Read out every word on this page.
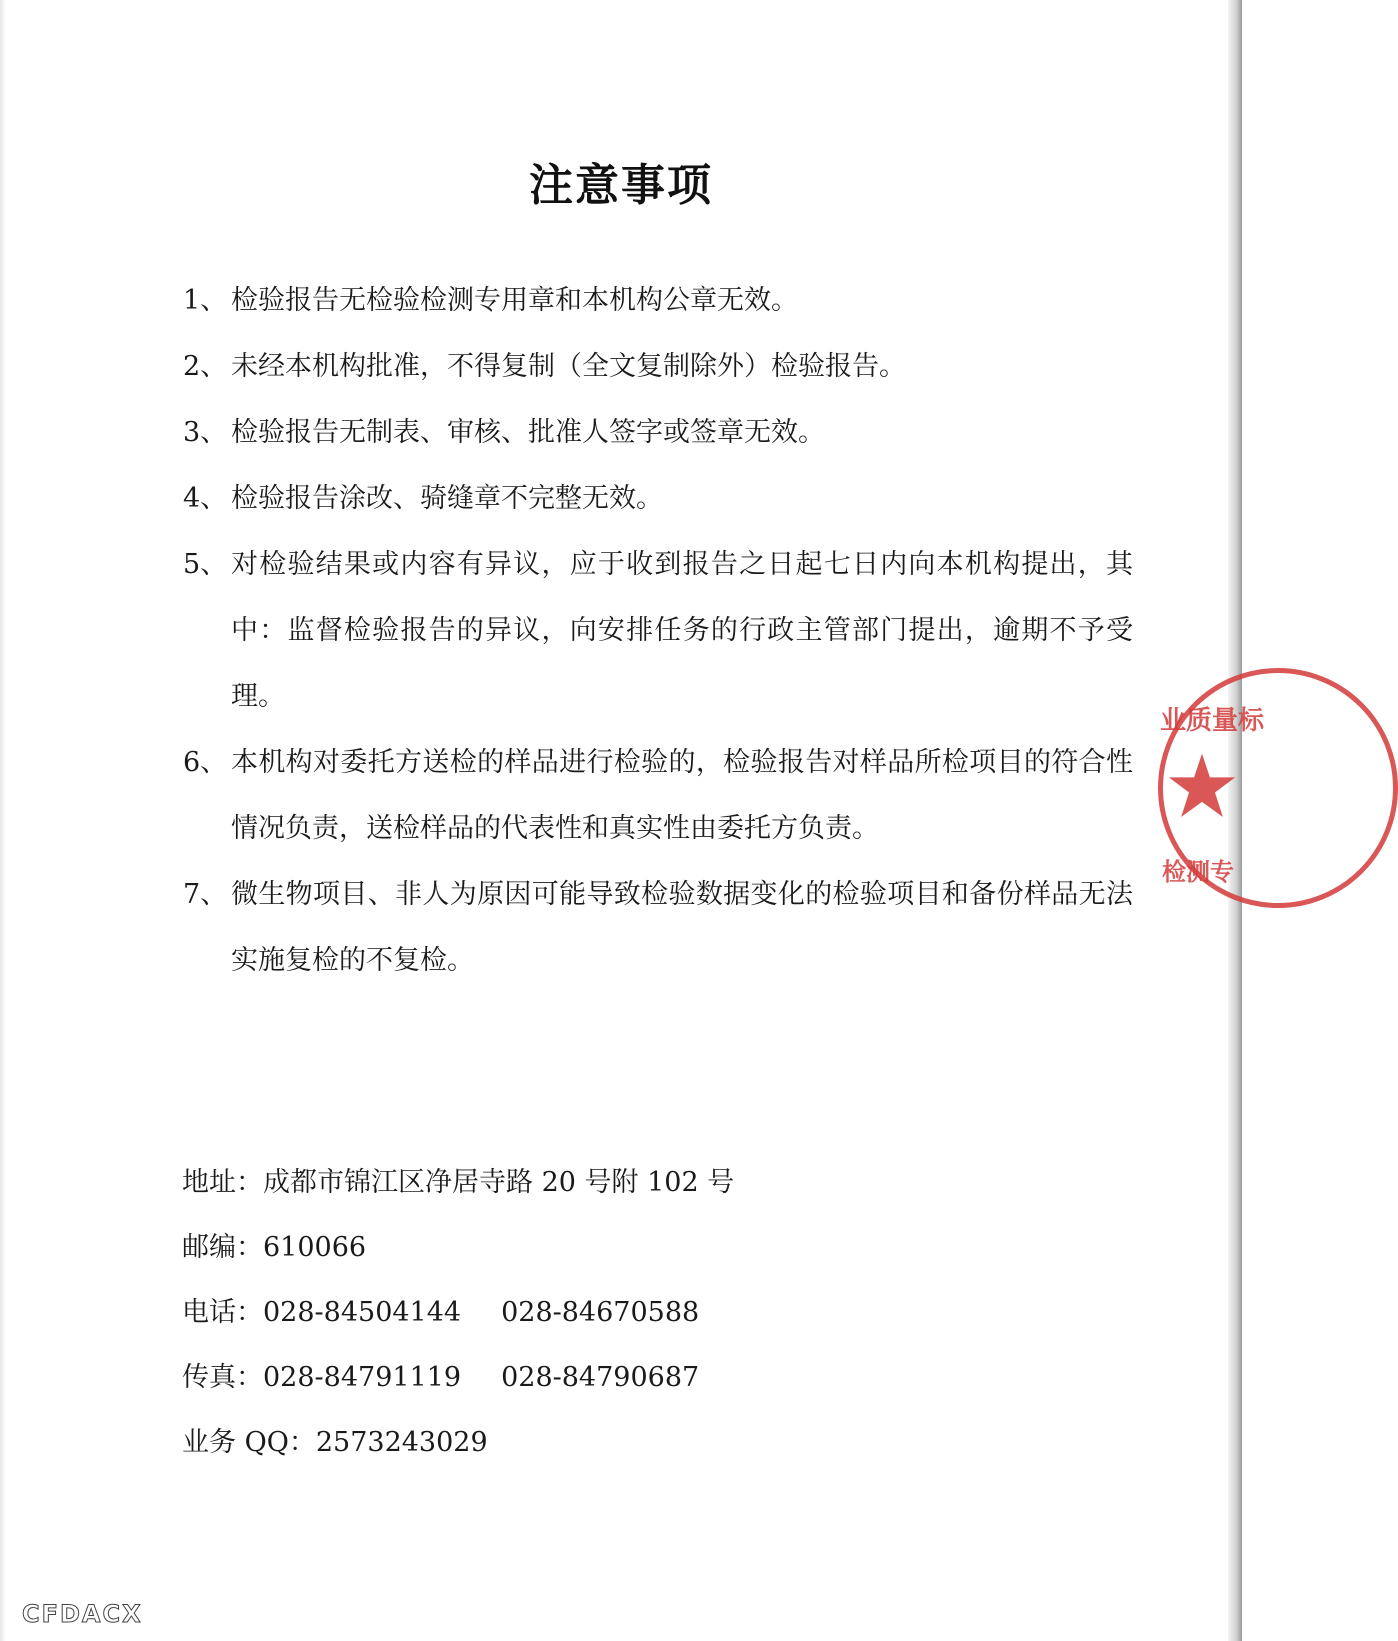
注意事项
1、 检验报告无检验检测专用章和本机构公章无效。
2、 未经本机构批准，不得复制（全文复制除外）检验报告。
3、 检验报告无制表、审核、批准人签字或签章无效。
4、 检验报告涂改、骑缝章不完整无效。
5、 对检验结果或内容有异议，应于收到报告之日起七日内向本机构提出，其中：监督检验报告的异议，向安排任务的行政主管部门提出，逾期不予受理。
6、 本机构对委托方送检的样品进行检验的，检验报告对样品所检项目的符合性情况负责，送检样品的代表性和真实性由委托方负责。
7、 微生物项目、非人为原因可能导致检验数据变化的检验项目和备份样品无法实施复检的不复检。
地址：成都市锦江区净居寺路 20 号附 102 号
邮编：610066
电话：028-84504144 028-84670588
传真：028-84791119 028-84790687
业务 QQ：2573243029
业质量标
检测专
CFDACX
